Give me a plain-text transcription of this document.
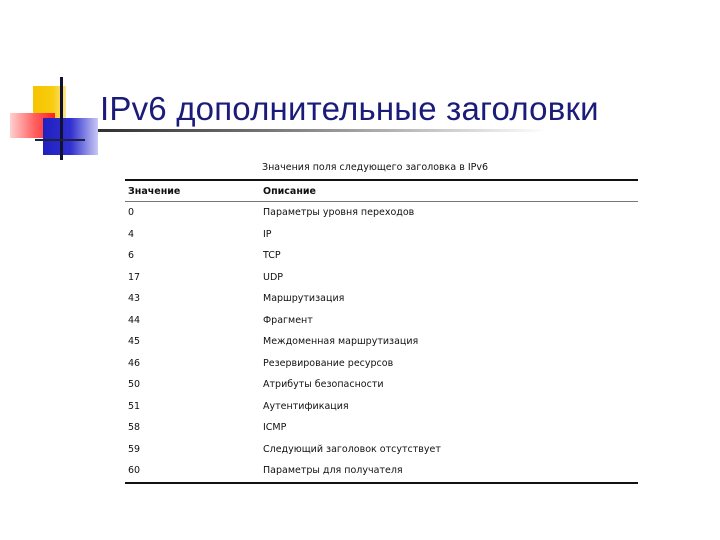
IPv6 дополнительные заголовки
Значения поля следующего заголовка в IPv6
Значение	Описание
0	Параметры уровня переходов
4	IP
6	TCP
17	UDP
43	Маршрутизация
44	Фрагмент
45	Междоменная маршрутизация
46	Резервирование ресурсов
50	Атрибуты безопасности
51	Аутентификация
58	ICMP
59	Следующий заголовок отсутствует
60	Параметры для получателя
